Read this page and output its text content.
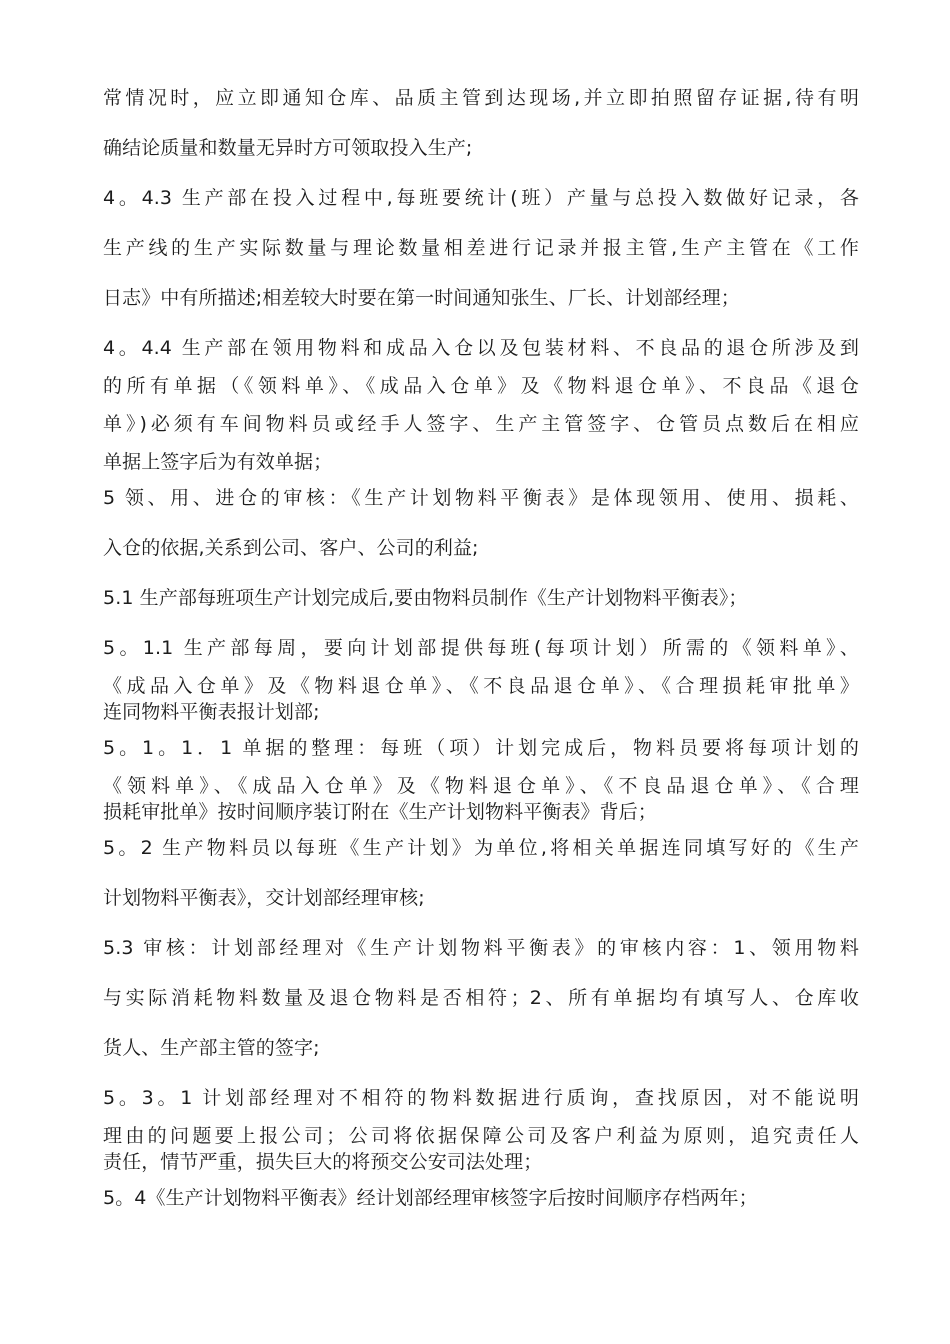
常情况时，应立即通知仓库、品质主管到达现场,并立即拍照留存证据,待有明
确结论质量和数量无异时方可领取投入生产;
4。4.3 生产部在投入过程中,每班要统计(班）产量与总投入数做好记录，各
生产线的生产实际数量与理论数量相差进行记录并报主管,生产主管在《工作
日志》中有所描述;相差较大时要在第一时间通知张生、厂长、计划部经理；
4。4.4 生产部在领用物料和成品入仓以及包装材料、不良品的退仓所涉及到
的所有单据（《领料单》、《成品入仓单》及《物料退仓单》、不良品《退仓
单》)必须有车间物料员或经手人签字、生产主管签字、仓管员点数后在相应
单据上签字后为有效单据；
5 领、用、进仓的审核：《生产计划物料平衡表》是体现领用、使用、损耗、
入仓的依据,关系到公司、客户、公司的利益;
5.1 生产部每班项生产计划完成后,要由物料员制作《生产计划物料平衡表》；
5。1.1 生产部每周，要向计划部提供每班(每项计划）所需的《领料单》、
《成品入仓单》及《物料退仓单》、《不良品退仓单》、《合理损耗审批单》
连同物料平衡表报计划部;
5。1。1．1 单据的整理：每班（项）计划完成后，物料员要将每项计划的
《领料单》、《成品入仓单》及《物料退仓单》、《不良品退仓单》、《合理
损耗审批单》按时间顺序装订附在《生产计划物料平衡表》背后；
5。2 生产物料员以每班《生产计划》为单位,将相关单据连同填写好的《生产
计划物料平衡表》，交计划部经理审核;
5.3 审核：计划部经理对《生产计划物料平衡表》的审核内容：1、领用物料
与实际消耗物料数量及退仓物料是否相符；2、所有单据均有填写人、仓库收
货人、生产部主管的签字;
5。3。1 计划部经理对不相符的物料数据进行质询，查找原因，对不能说明
理由的问题要上报公司；公司将依据保障公司及客户利益为原则，追究责任人
责任，情节严重，损失巨大的将预交公安司法处理；
5。4《生产计划物料平衡表》经计划部经理审核签字后按时间顺序存档两年；
